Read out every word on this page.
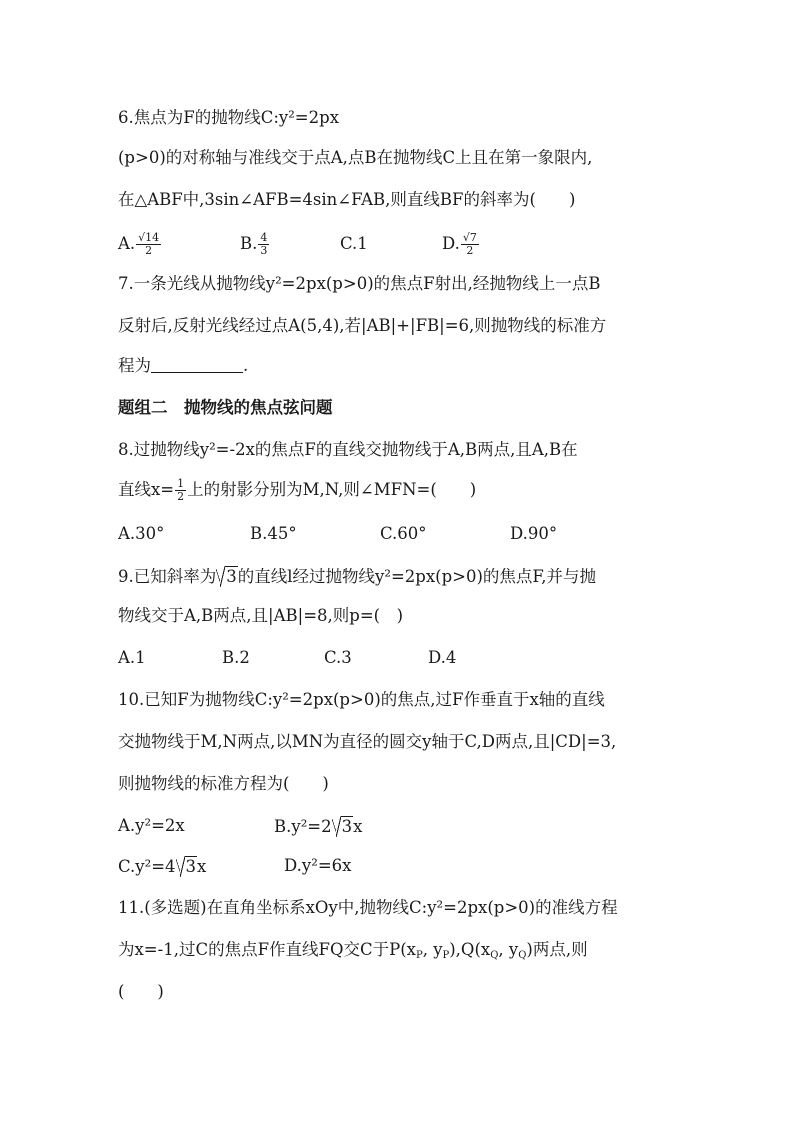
6.焦点为F的抛物线C:y²=2px
(p>0)的对称轴与准线交于点A,点B在抛物线C上且在第一象限内,
在△ABF中,3sin∠AFB=4sin∠FAB,则直线BF的斜率为(　　)
A. $\frac{√14}{2}$	B. $\frac{4}{3}$	C.1	D. $\frac{√7}{2}$
7.一条光线从抛物线y²=2px(p>0)的焦点F射出,经抛物线上一点B
反射后,反射光线经过点A(5,4),若|AB|+|FB|=6,则抛物线的标准方
程为	.
题组二　抛物线的焦点弦问题
8.过抛物线y²=-2x的焦点F的直线交抛物线于A,B两点,且A,B在
直线$x= \frac{1}{2}$ 上的射影分别为M,N,则∠MFN=(　　)
A.30°	B.45°	C.60°	D.90°
9.已知斜率为 3的直线l经过抛物线y²=2px(p>0)的焦点F,并与抛
物线交于A,B两点,且|AB|=8,则p=(　)
A.1	B.2	C.3	D.4
10.已知F为抛物线C:y²=2px(p>0)的焦点,过F作垂直于x轴的直线
交抛物线于M,N两点,以MN为直径的圆交y轴于C,D两点,且|CD|=3,
则抛物线的标准方程为(　　)
A.y²=2x	B.y²=2 3x
C.y²=4 3x	D.y²=6x
11.(多选题)在直角坐标系xOy中,抛物线C:y²=2px(p>0)的准线方程
为x=-1,过C的焦点F作直线FQ交C于$P(x_P$, $y_P),Q(x_Q$, $y_Q$)两点,则
(　　)
